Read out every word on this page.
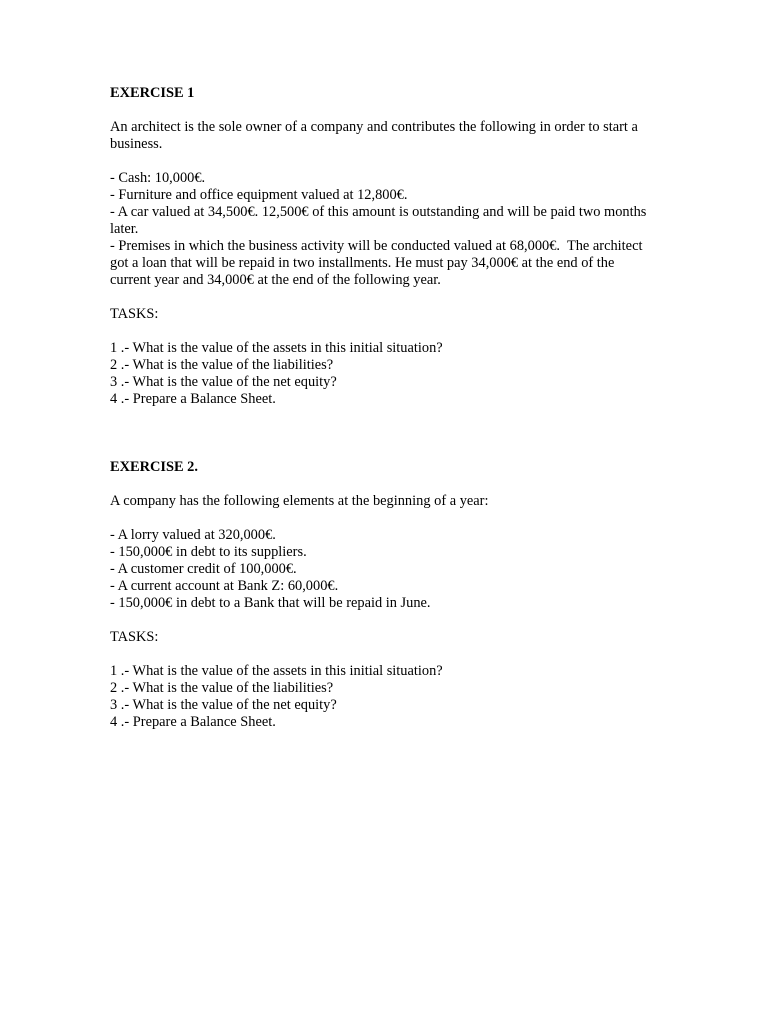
EXERCISE 1

An architect is the sole owner of a company and contributes the following in order to start a business.

- Cash: 10,000€.
- Furniture and office equipment valued at 12,800€.
- A car valued at 34,500€. 12,500€ of this amount is outstanding and will be paid two months later.
- Premises in which the business activity will be conducted valued at 68,000€.  The architect got a loan that will be repaid in two installments. He must pay 34,000€ at the end of the current year and 34,000€ at the end of the following year.

TASKS:

1 .- What is the value of the assets in this initial situation?
2 .- What is the value of the liabilities?
3 .- What is the value of the net equity?
4 .- Prepare a Balance Sheet.

EXERCISE 2.

A company has the following elements at the beginning of a year:

- A lorry valued at 320,000€.
- 150,000€ in debt to its suppliers.
- A customer credit of 100,000€.
- A current account at Bank Z: 60,000€.
- 150,000€ in debt to a Bank that will be repaid in June.

TASKS:

1 .- What is the value of the assets in this initial situation?
2 .- What is the value of the liabilities?
3 .- What is the value of the net equity?
4 .- Prepare a Balance Sheet.
